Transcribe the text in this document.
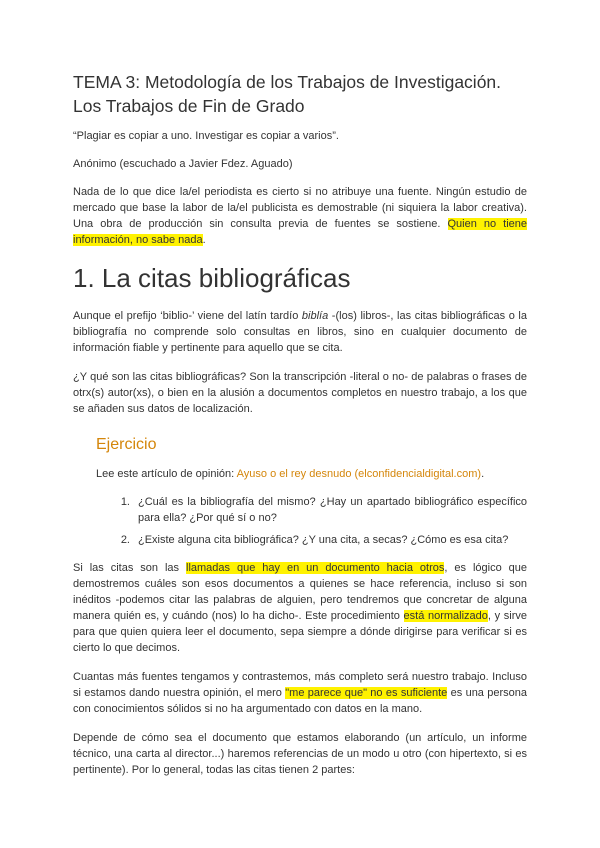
TEMA 3: Metodología de los Trabajos de Investigación. Los Trabajos de Fin de Grado

“Plagiar es copiar a uno. Investigar es copiar a varios”.

Anónimo (escuchado a Javier Fdez. Aguado)

Nada de lo que dice la/el periodista es cierto si no atribuye una fuente. Ningún estudio de mercado que base la labor de la/el publicista es demostrable (ni siquiera la labor creativa). Una obra de producción sin consulta previa de fuentes se sostiene. Quien no tiene información, no sabe nada.

1. La citas bibliográficas

Aunque el prefijo ‘biblio-’ viene del latín tardío biblía -(los) libros-, las citas bibliográficas o la bibliografía no comprende solo consultas en libros, sino en cualquier documento de información fiable y pertinente para aquello que se cita.

¿Y qué son las citas bibliográficas? Son la transcripción -literal o no- de palabras o frases de otrx(s) autor(xs), o bien en la alusión a documentos completos en nuestro trabajo, a los que se añaden sus datos de localización.

Ejercicio

Lee este artículo de opinión: Ayuso o el rey desnudo (elconfidencialdigital.com).

1. ¿Cuál es la bibliografía del mismo? ¿Hay un apartado bibliográfico específico para ella? ¿Por qué sí o no?
2. ¿Existe alguna cita bibliográfica? ¿Y una cita, a secas? ¿Cómo es esa cita?

Si las citas son las llamadas que hay en un documento hacia otros, es lógico que demostremos cuáles son esos documentos a quienes se hace referencia, incluso si son inéditos -podemos citar las palabras de alguien, pero tendremos que concretar de alguna manera quién es, y cuándo (nos) lo ha dicho-. Este procedimiento está normalizado, y sirve para que quien quiera leer el documento, sepa siempre a dónde dirigirse para verificar si es cierto lo que decimos.

Cuantas más fuentes tengamos y contrastemos, más completo será nuestro trabajo. Incluso si estamos dando nuestra opinión, el mero "me parece que" no es suficiente es una persona con conocimientos sólidos si no ha argumentado con datos en la mano.

Depende de cómo sea el documento que estamos elaborando (un artículo, un informe técnico, una carta al director...) haremos referencias de un modo u otro (con hipertexto, si es pertinente). Por lo general, todas las citas tienen 2 partes:
